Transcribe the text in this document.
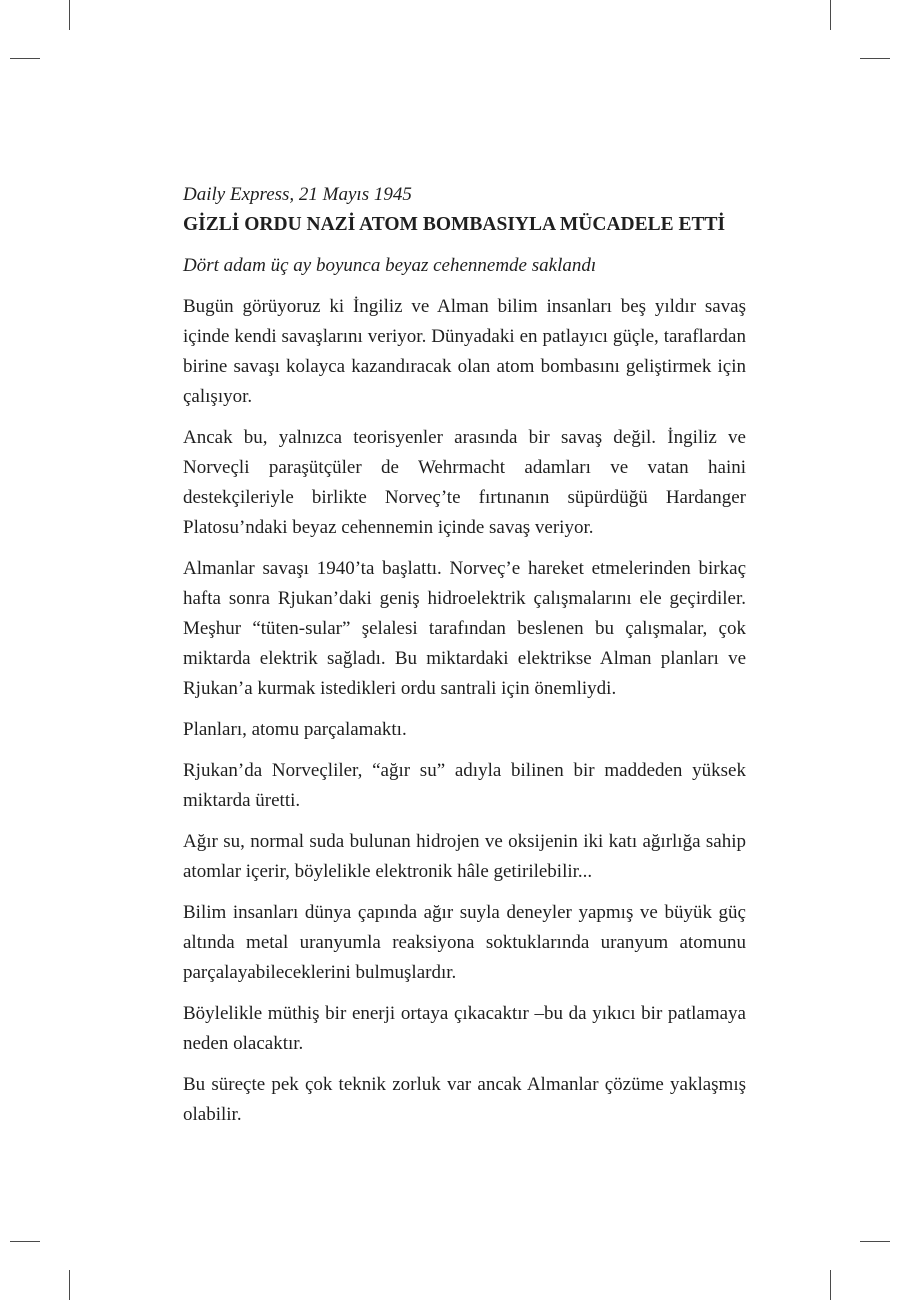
Daily Express, 21 Mayıs 1945

GİZLİ ORDU NAZİ ATOM BOMBASIYLA MÜCADELE ETTİ

Dört adam üç ay boyunca beyaz cehennemde saklandı

Bugün görüyoruz ki İngiliz ve Alman bilim insanları beş yıldır savaş içinde kendi savaşlarını veriyor. Dünyadaki en patlayıcı güçle, taraflardan birine savaşı kolayca kazandıracak olan atom bombasını geliştirmek için çalışıyor.

Ancak bu, yalnızca teorisyenler arasında bir savaş değil. İngiliz ve Norveçli paraşütçüler de Wehrmacht adamları ve vatan haini destekçileriyle birlikte Norveç’te fırtınanın süpürdüğü Hardanger Platosu’ndaki beyaz cehennemin içinde savaş veriyor.

Almanlar savaşı 1940’ta başlattı. Norveç’e hareket etmelerinden birkaç hafta sonra Rjukan’daki geniş hidroelektrik çalışmalarını ele geçirdiler. Meşhur “tüten-sular” şelalesi tarafından beslenen bu çalışmalar, çok miktarda elektrik sağladı. Bu miktardaki elektrikse Alman planları ve Rjukan’a kurmak istedikleri ordu santrali için önemliydi.

Planları, atomu parçalamaktı.

Rjukan’da Norveçliler, “ağır su” adıyla bilinen bir maddeden yüksek miktarda üretti.

Ağır su, normal suda bulunan hidrojen ve oksijenin iki katı ağırlığa sahip atomlar içerir, böylelikle elektronik hâle getirilebilir...

Bilim insanları dünya çapında ağır suyla deneyler yapmış ve büyük güç altında metal uranyumla reaksiyona soktuklarında uranyum atomunu parçalayabileceklerini bulmuşlardır.

Böylelikle müthiş bir enerji ortaya çıkacaktır –bu da yıkıcı bir patlamaya neden olacaktır.

Bu süreçte pek çok teknik zorluk var ancak Almanlar çözüme yaklaşmış olabilir.
